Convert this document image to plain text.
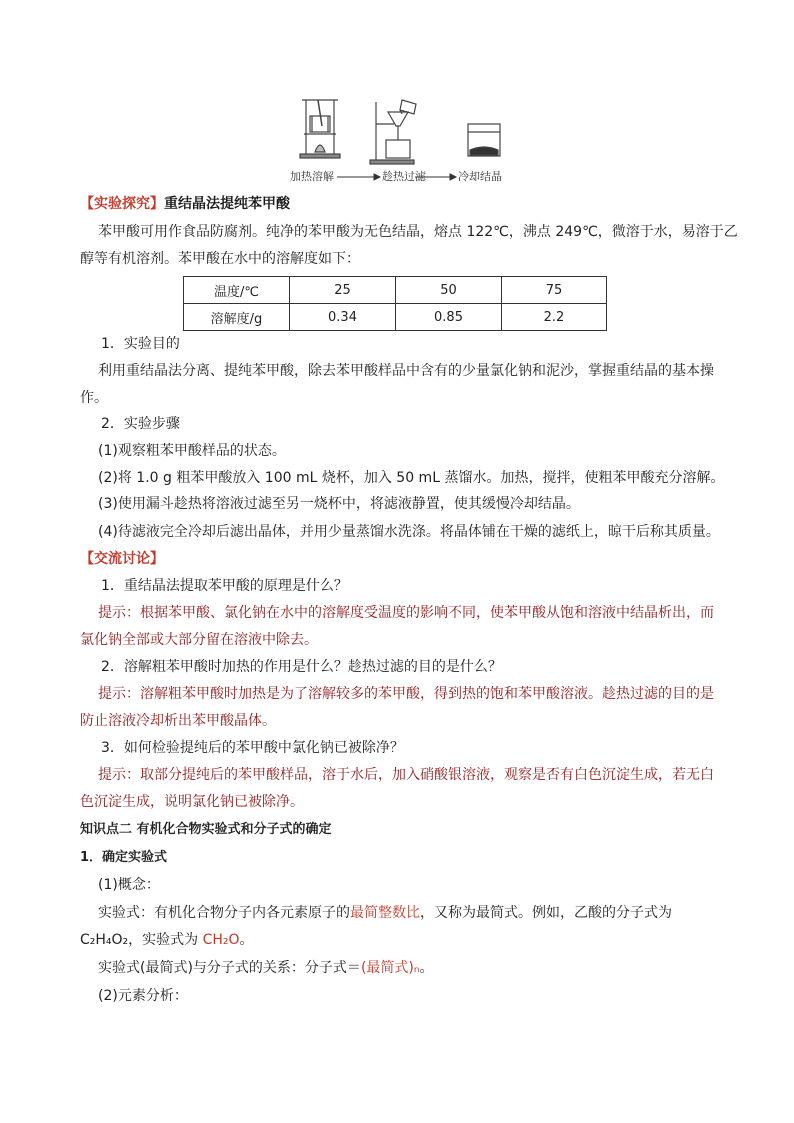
加热溶解	趁热过滤	冷却结晶
【实验探究】重结晶法提纯苯甲酸
苯甲酸可用作食品防腐剂。纯净的苯甲酸为无色结晶，熔点 122℃，沸点 249℃，微溶于水，易溶于乙
醇等有机溶剂。苯甲酸在水中的溶解度如下：
温度/℃	25	50	75
溶解度/g	0.34	0.85	2.2
1．实验目的
利用重结晶法分离、提纯苯甲酸，除去苯甲酸样品中含有的少量氯化钠和泥沙，掌握重结晶的基本操
作。
2．实验步骤
(1)观察粗苯甲酸样品的状态。
(2)将 1.0 g 粗苯甲酸放入 100 mL 烧杯，加入 50 mL 蒸馏水。加热，搅拌，使粗苯甲酸充分溶解。
(3)使用漏斗趁热将溶液过滤至另一烧杯中，将滤液静置，使其缓慢冷却结晶。
(4)待滤液完全冷却后滤出晶体，并用少量蒸馏水洗涤。将晶体铺在干燥的滤纸上，晾干后称其质量。
【交流讨论】
1．重结晶法提取苯甲酸的原理是什么？
提示：根据苯甲酸、氯化钠在水中的溶解度受温度的影响不同，使苯甲酸从饱和溶液中结晶析出，而
氯化钠全部或大部分留在溶液中除去。
2．溶解粗苯甲酸时加热的作用是什么？趁热过滤的目的是什么？
提示：溶解粗苯甲酸时加热是为了溶解较多的苯甲酸，得到热的饱和苯甲酸溶液。趁热过滤的目的是
防止溶液冷却析出苯甲酸晶体。
3．如何检验提纯后的苯甲酸中氯化钠已被除净？
提示：取部分提纯后的苯甲酸样品，溶于水后，加入硝酸银溶液，观察是否有白色沉淀生成，若无白
色沉淀生成，说明氯化钠已被除净。
知识点二 有机化合物实验式和分子式的确定
1．确定实验式
(1)概念：
实验式：有机化合物分子内各元素原子的最简整数比，又称为最简式。例如，乙酸的分子式为
C₂H₄O₂，实验式为 CH₂O。
实验式(最简式)与分子式的关系：分子式＝(最简式)ₙ。
(2)元素分析：
